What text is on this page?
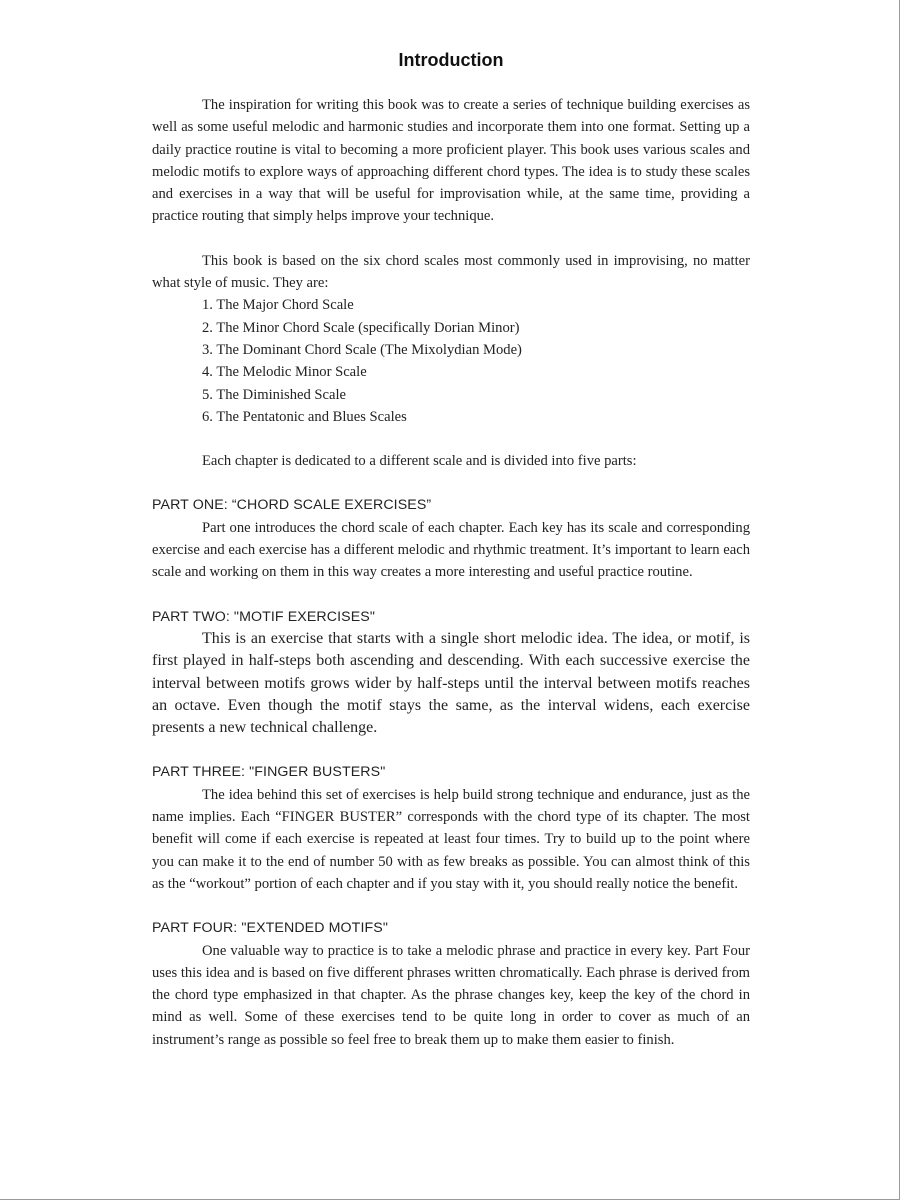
Introduction

The inspiration for writing this book was to create a series of technique building exercises as well as some useful melodic and harmonic studies and incorporate them into one format. Setting up a daily practice routine is vital to becoming a more proficient player. This book uses various scales and melodic motifs to explore ways of approaching different chord types. The idea is to study these scales and exercises in a way that will be useful for improvisation while, at the same time, providing a practice routing that simply helps improve your technique.

This book is based on the six chord scales most commonly used in improvising, no matter what style of music. They are:

1. The Major Chord Scale
2. The Minor Chord Scale (specifically Dorian Minor)
3. The Dominant Chord Scale (The Mixolydian Mode)
4. The Melodic Minor Scale
5. The Diminished Scale
6. The Pentatonic and Blues Scales

Each chapter is dedicated to a different scale and is divided into five parts:

PART ONE: “CHORD SCALE EXERCISES”

Part one introduces the chord scale of each chapter. Each key has its scale and corresponding exercise and each exercise has a different melodic and rhythmic treatment. It’s important to learn each scale and working on them in this way creates a more interesting and useful practice routine.

PART TWO: "MOTIF EXERCISES"

This is an exercise that starts with a single short melodic idea. The idea, or motif, is first played in half-steps both ascending and descending. With each successive exercise the interval between motifs grows wider by half-steps until the interval between motifs reaches an octave. Even though the motif stays the same, as the interval widens, each exercise presents a new technical challenge.

PART THREE: "FINGER BUSTERS"

The idea behind this set of exercises is help build strong technique and endurance, just as the name implies. Each “FINGER BUSTER” corresponds with the chord type of its chapter. The most benefit will come if each exercise is repeated at least four times. Try to build up to the point where you can make it to the end of number 50 with as few breaks as possible. You can almost think of this as the “workout” portion of each chapter and if you stay with it, you should really notice the benefit.

PART FOUR: "EXTENDED MOTIFS"

One valuable way to practice is to take a melodic phrase and practice in every key. Part Four uses this idea and is based on five different phrases written chromatically. Each phrase is derived from the chord type emphasized in that chapter. As the phrase changes key, keep the key of the chord in mind as well. Some of these exercises tend to be quite long in order to cover as much of an instrument’s range as possible so feel free to break them up to make them easier to finish.
